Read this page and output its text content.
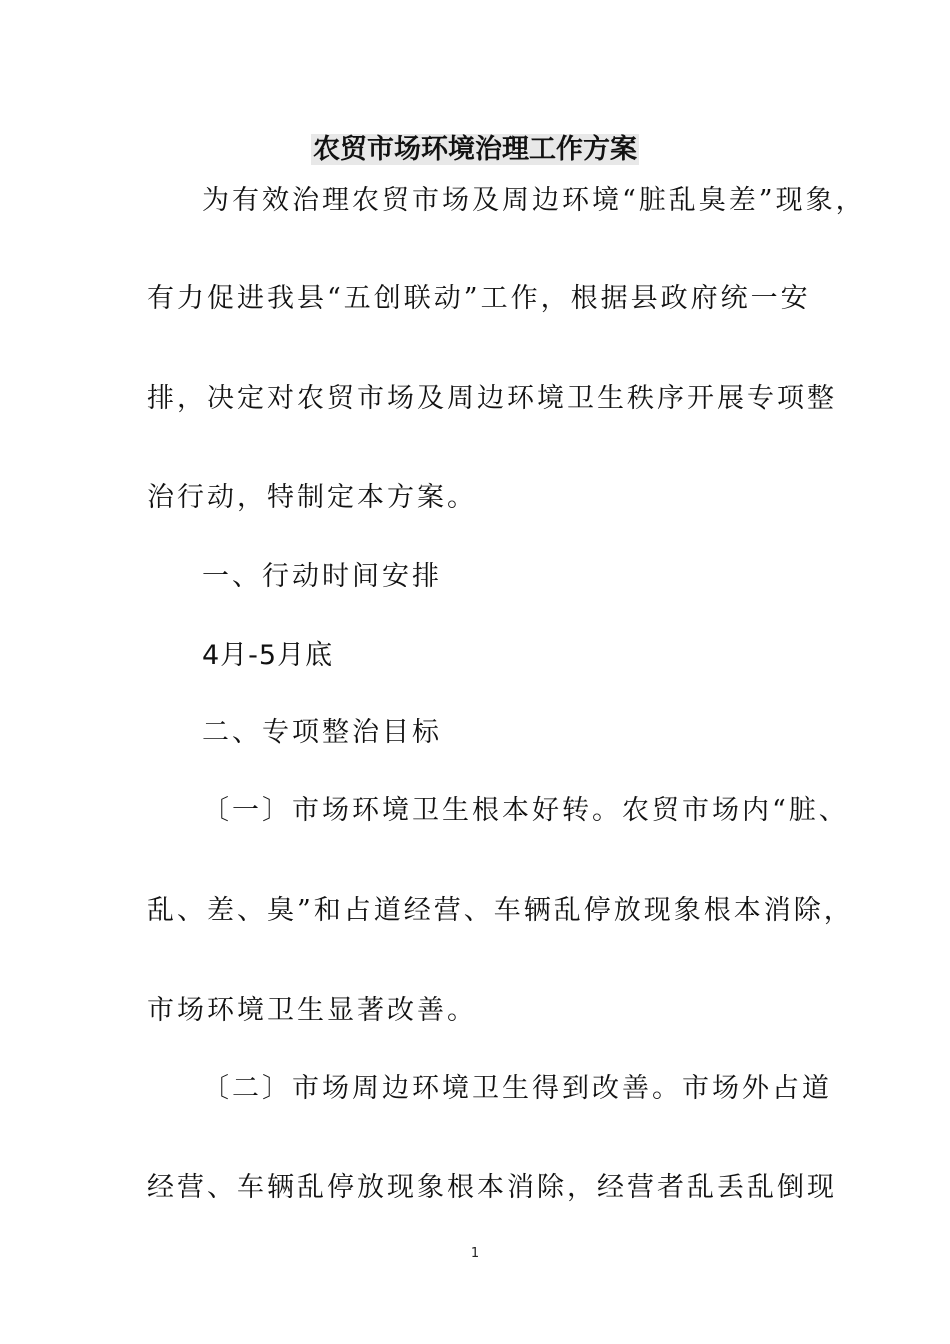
农贸市场环境治理工作方案

为有效治理农贸市场及周边环境“脏乱臭差”现象，

有力促进我县“五创联动”工作，根据县政府统一安

排，决定对农贸市场及周边环境卫生秩序开展专项整

治行动，特制定本方案。

一、行动时间安排

4月-5月底

二、专项整治目标

〔一〕市场环境卫生根本好转。农贸市场内“脏、

乱、差、臭”和占道经营、车辆乱停放现象根本消除，

市场环境卫生显著改善。

〔二〕市场周边环境卫生得到改善。市场外占道

经营、车辆乱停放现象根本消除，经营者乱丢乱倒现

1
